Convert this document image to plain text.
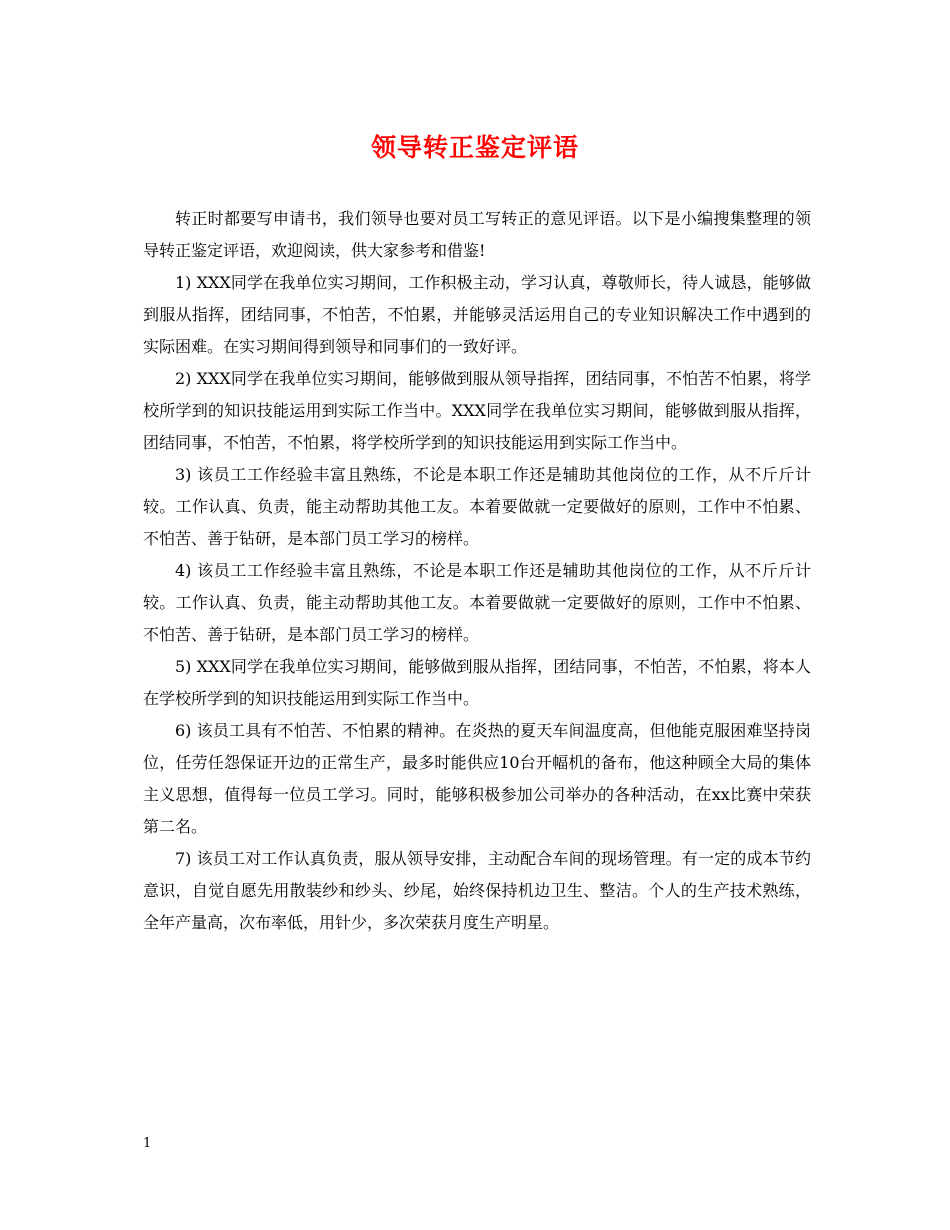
领导转正鉴定评语

转正时都要写申请书，我们领导也要对员工写转正的意见评语。以下是小编搜集整理的领导转正鉴定评语，欢迎阅读，供大家参考和借鉴!

1) XXX同学在我单位实习期间，工作积极主动，学习认真，尊敬师长，待人诚恳，能够做到服从指挥，团结同事，不怕苦，不怕累，并能够灵活运用自己的专业知识解决工作中遇到的实际困难。在实习期间得到领导和同事们的一致好评。

2) XXX同学在我单位实习期间，能够做到服从领导指挥，团结同事，不怕苦不怕累，将学校所学到的知识技能运用到实际工作当中。XXX同学在我单位实习期间，能够做到服从指挥，团结同事，不怕苦，不怕累，将学校所学到的知识技能运用到实际工作当中。

3) 该员工工作经验丰富且熟练，不论是本职工作还是辅助其他岗位的工作，从不斤斤计较。工作认真、负责，能主动帮助其他工友。本着要做就一定要做好的原则，工作中不怕累、不怕苦、善于钻研，是本部门员工学习的榜样。

4) 该员工工作经验丰富且熟练，不论是本职工作还是辅助其他岗位的工作，从不斤斤计较。工作认真、负责，能主动帮助其他工友。本着要做就一定要做好的原则，工作中不怕累、不怕苦、善于钻研，是本部门员工学习的榜样。

5) XXX同学在我单位实习期间，能够做到服从指挥，团结同事，不怕苦，不怕累，将本人在学校所学到的知识技能运用到实际工作当中。

6) 该员工具有不怕苦、不怕累的精神。在炎热的夏天车间温度高，但他能克服困难坚持岗位，任劳任怨保证开边的正常生产，最多时能供应10台开幅机的备布，他这种顾全大局的集体主义思想，值得每一位员工学习。同时，能够积极参加公司举办的各种活动，在xx比赛中荣获第二名。

7) 该员工对工作认真负责，服从领导安排，主动配合车间的现场管理。有一定的成本节约意识，自觉自愿先用散装纱和纱头、纱尾，始终保持机边卫生、整洁。个人的生产技术熟练，全年产量高，次布率低，用针少，多次荣获月度生产明星。

1
